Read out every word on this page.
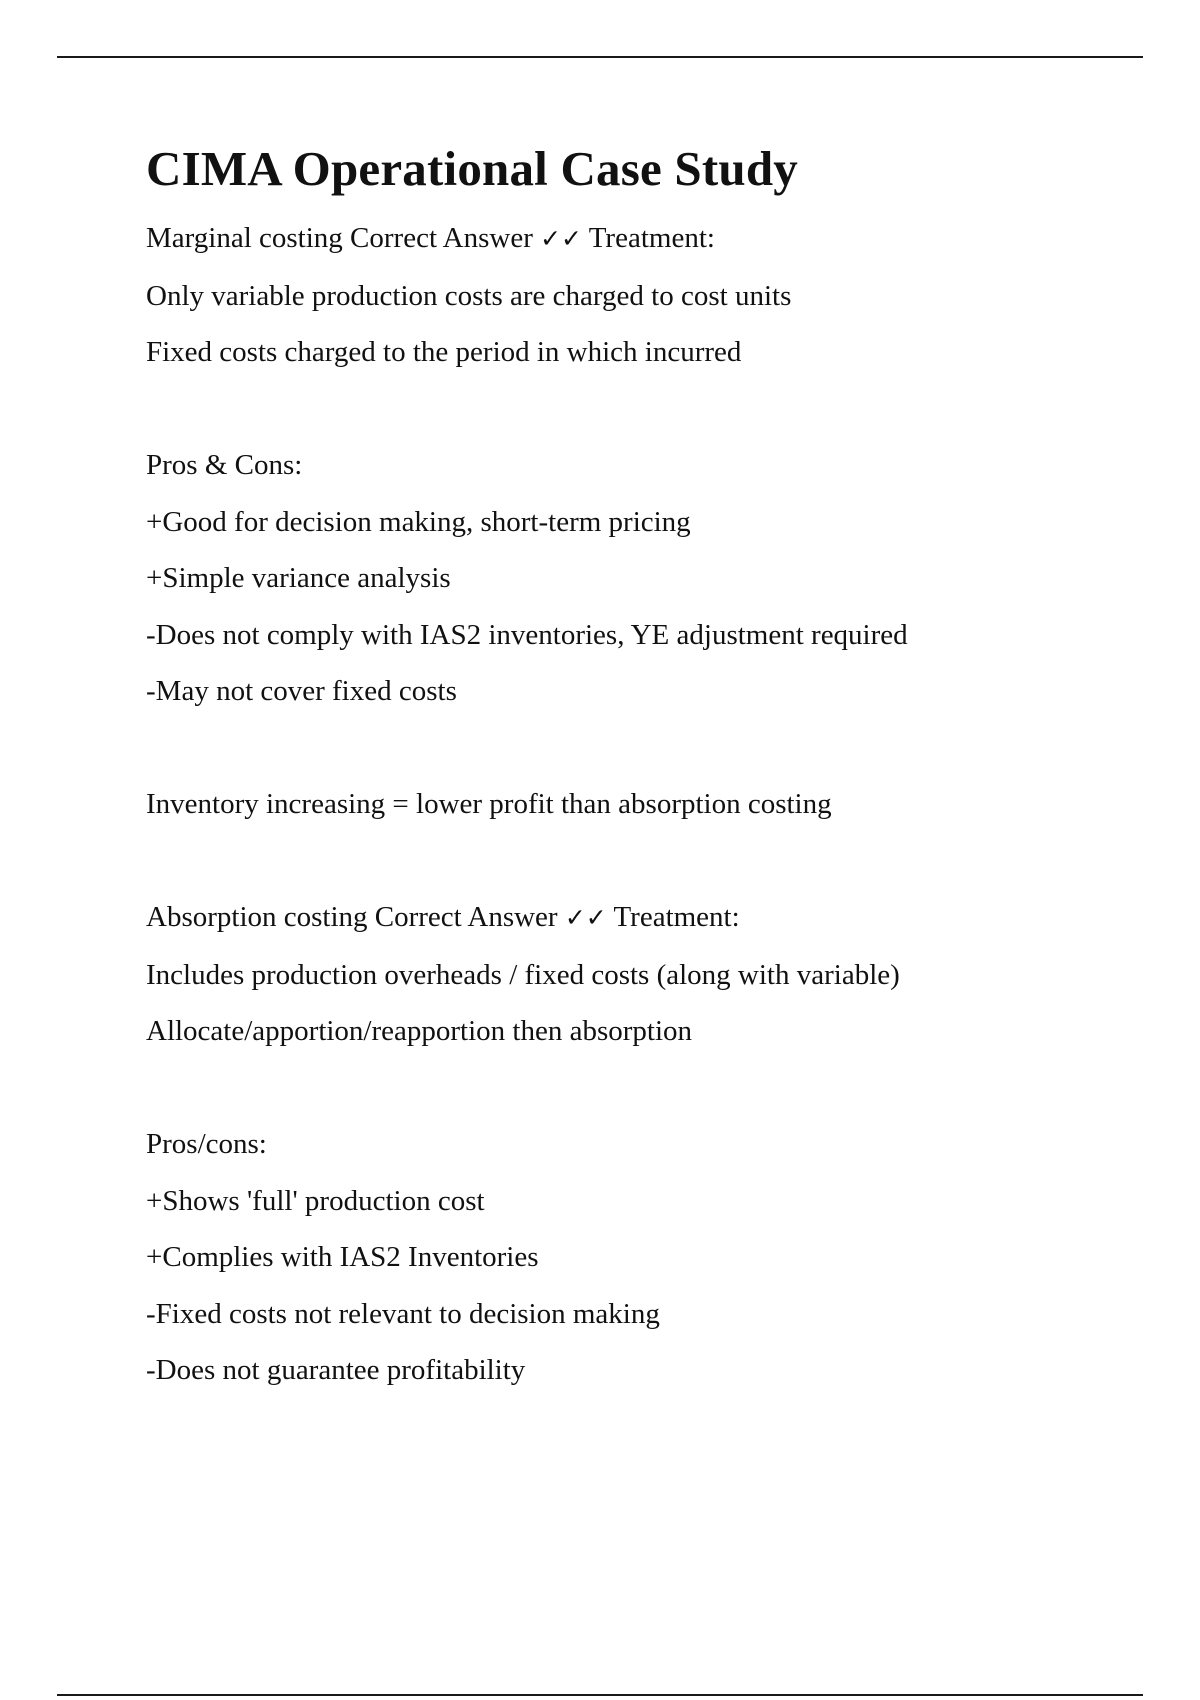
CIMA Operational Case Study

Marginal costing Correct Answer ✓✓ Treatment:

Only variable production costs are charged to cost units

Fixed costs charged to the period in which incurred

Pros & Cons:

+Good for decision making, short-term pricing

+Simple variance analysis

-Does not comply with IAS2 inventories, YE adjustment required

-May not cover fixed costs

Inventory increasing = lower profit than absorption costing

Absorption costing Correct Answer ✓✓ Treatment:

Includes production overheads / fixed costs (along with variable)

Allocate/apportion/reapportion then absorption

Pros/cons:

+Shows 'full' production cost

+Complies with IAS2 Inventories

-Fixed costs not relevant to decision making

-Does not guarantee profitability
